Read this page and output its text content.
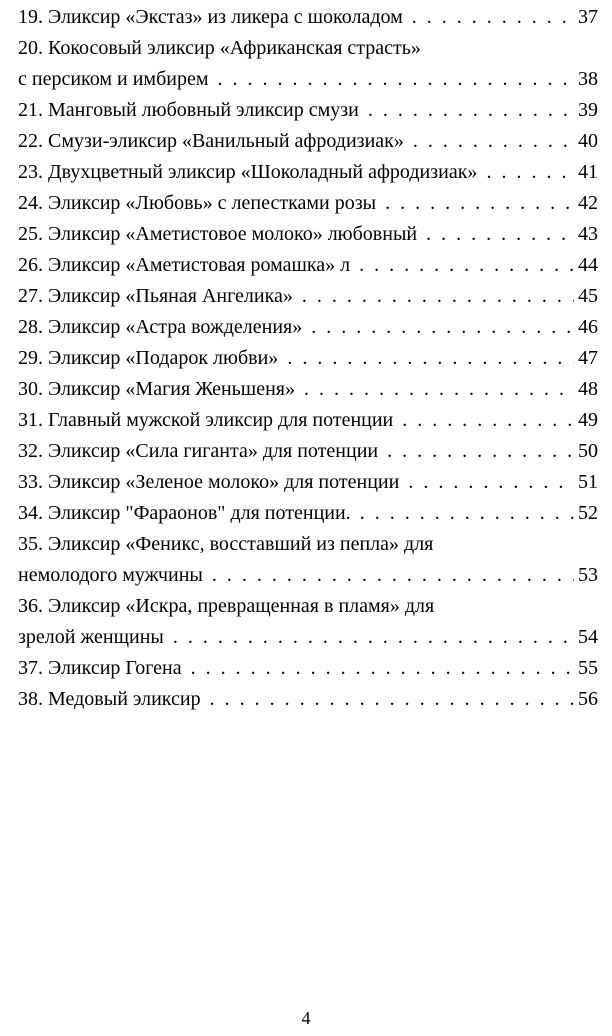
19. Эликсир «Экстаз» из ликера с шоколадом . .	37
20. Кокосовый эликсир «Африканская страсть»
с персиком и имбирем . .	38
21. Манговый любовный эликсир смузи . .	39
22. Смузи-эликсир «Ванильный афродизиак» . .	40
23. Двухцветный эликсир «Шоколадный афродизиак» . .	41
24. Эликсир «Любовь» с лепестками розы . .	42
25. Эликсир «Аметистовое молоко» любовный . .	43
26. Эликсир «Аметистовая ромашка» л . .	44
27. Эликсир «Пьяная Ангелика» . .	45
28. Эликсир «Астра вожделения» . .	46
29. Эликсир «Подарок любви» . .	47
30. Эликсир «Магия Женьшеня» . .	48
31. Главный мужской эликсир для потенции . .	49
32. Эликсир «Сила гиганта» для потенции . .	50
33. Эликсир «Зеленое молоко» для потенции . .	51
34. Эликсир "Фараонов" для потенции. . .	52
35. Эликсир «Феникс, восставший из пепла» для
немолодого мужчины . .	53
36. Эликсир «Искра, превращенная в пламя» для
зрелой женщины . .	54
37. Эликсир Гогена . .	55
38. Медовый эликсир . .	56
4
